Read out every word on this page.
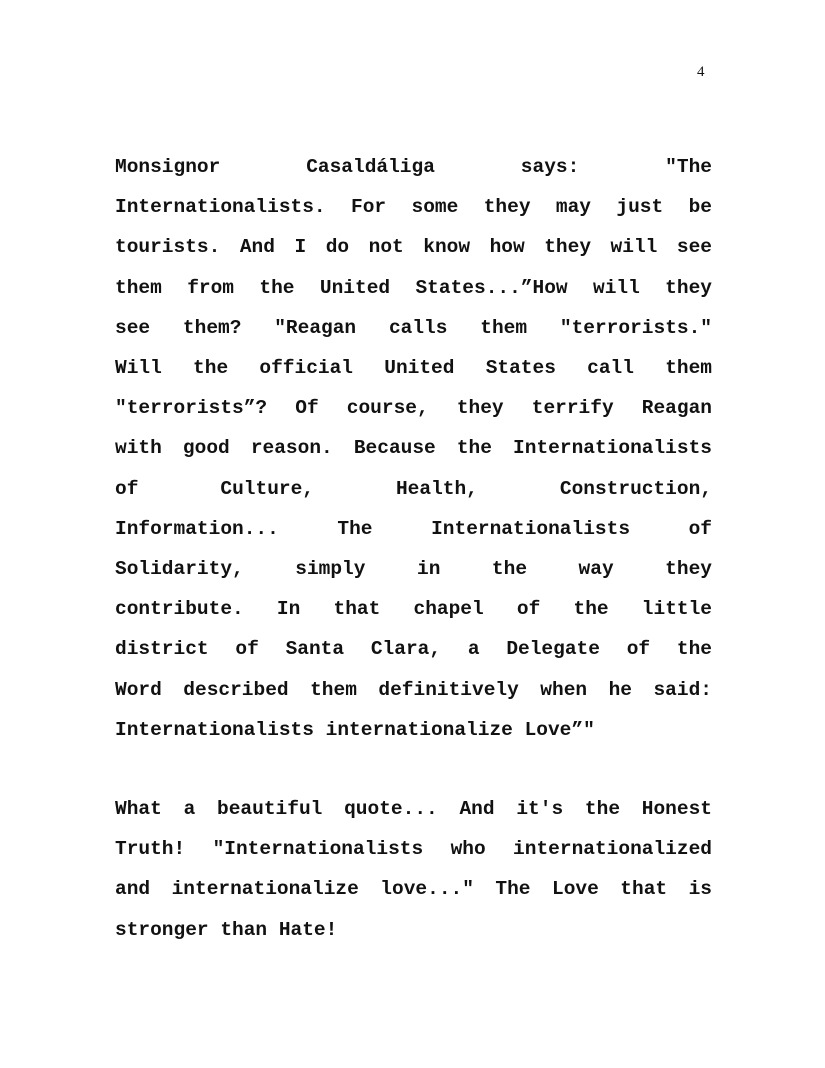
4

Monsignor Casaldáliga says: "The
Internationalists. For some they may just be
tourists. And I do not know how they will see
them from the United States...”How will they
see them? "Reagan calls them "terrorists."
Will the official United States call them
"terrorists”? Of course, they terrify Reagan
with good reason. Because the Internationalists
of Culture, Health, Construction,
Information... The Internationalists of
Solidarity, simply in the way they
contribute. In that chapel of the little
district of Santa Clara, a Delegate of the
Word described them definitively when he said:
Internationalists internationalize Love”"
What a beautiful quote... And it's the Honest
Truth! "Internationalists who internationalized
and internationalize love..." The Love that is
stronger than Hate!
